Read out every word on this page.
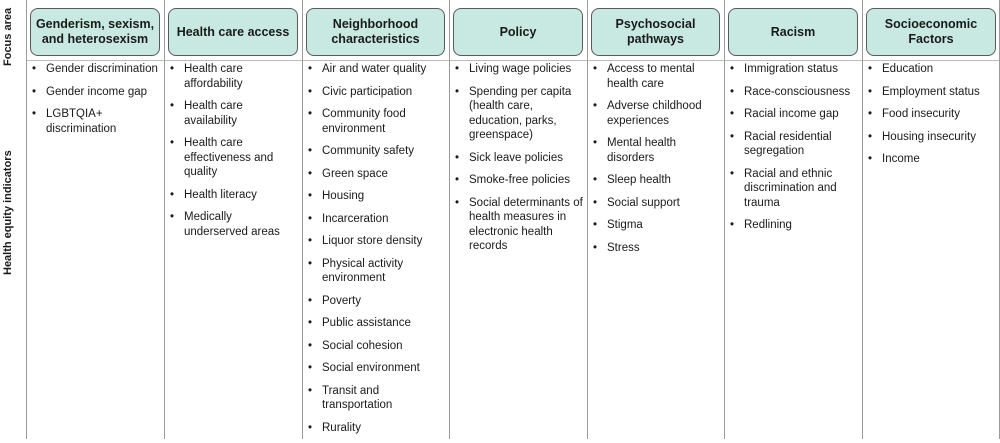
Focus area
Health equity indicators
Genderism, sexism, and heterosexism
• Gender discrimination
• Gender income gap
• LGBTQIA+ discrimination
Health care access
• Health care affordability
• Health care availability
• Health care effectiveness and quality
• Health literacy
• Medically underserved areas
Neighborhood characteristics
• Air and water quality
• Civic participation
• Community food environment
• Community safety
• Green space
• Housing
• Incarceration
• Liquor store density
• Physical activity environment
• Poverty
• Public assistance
• Social cohesion
• Social environment
• Transit and transportation
• Rurality
Policy
• Living wage policies
• Spending per capita (health care, education, parks, greenspace)
• Sick leave policies
• Smoke-free policies
• Social determinants of health measures in electronic health records
Psychosocial pathways
• Access to mental health care
• Adverse childhood experiences
• Mental health disorders
• Sleep health
• Social support
• Stigma
• Stress
Racism
• Immigration status
• Race-consciousness
• Racial income gap
• Racial residential segregation
• Racial and ethnic discrimination and trauma
• Redlining
Socioeconomic Factors
• Education
• Employment status
• Food insecurity
• Housing insecurity
• Income
